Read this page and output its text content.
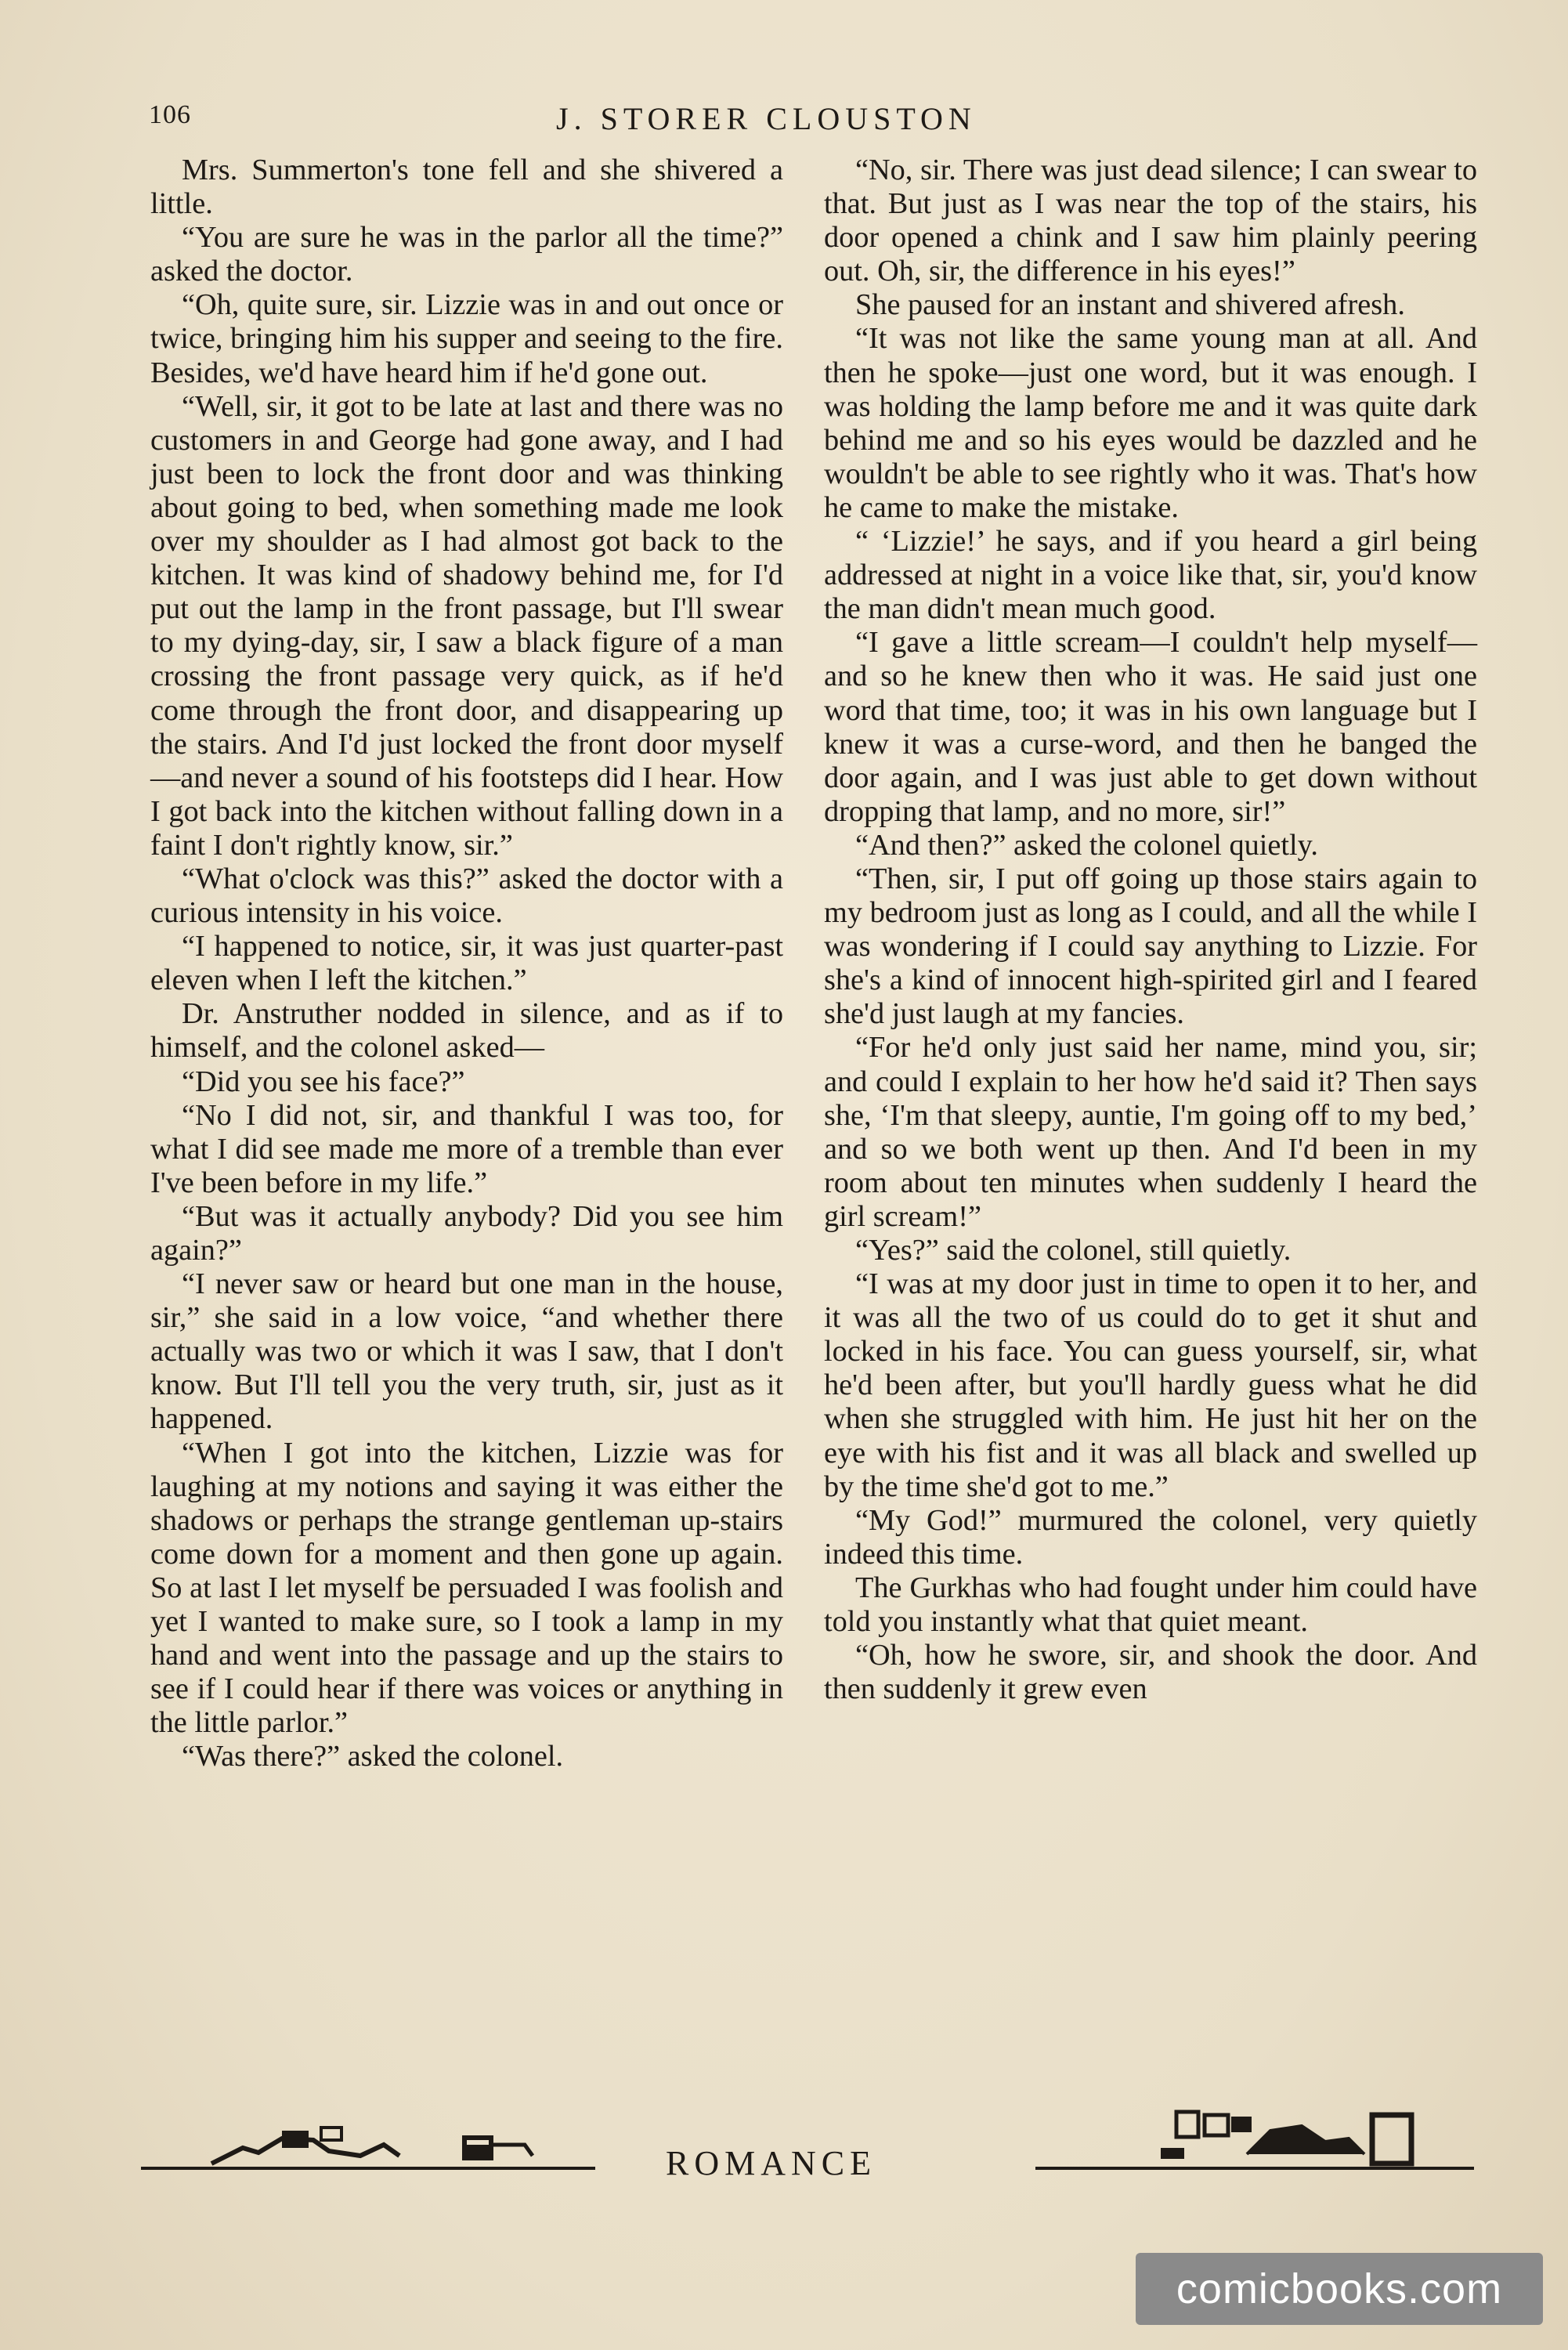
106	J. STORER CLOUSTON

Mrs. Summerton's tone fell and she shivered a little.

“You are sure he was in the parlor all the time?” asked the doctor.

“Oh, quite sure, sir. Lizzie was in and out once or twice, bringing him his supper and seeing to the fire. Besides, we'd have heard him if he'd gone out.

“Well, sir, it got to be late at last and there was no customers in and George had gone away, and I had just been to lock the front door and was thinking about going to bed, when something made me look over my shoulder as I had almost got back to the kitchen. It was kind of shadowy behind me, for I'd put out the lamp in the front passage, but I'll swear to my dying-day, sir, I saw a black figure of a man crossing the front passage very quick, as if he'd come through the front door, and disappearing up the stairs. And I'd just locked the front door myself—and never a sound of his footsteps did I hear. How I got back into the kitchen without falling down in a faint I don't rightly know, sir.”

“What o'clock was this?” asked the doctor with a curious intensity in his voice.

“I happened to notice, sir, it was just quarter-past eleven when I left the kitchen.”

Dr. Anstruther nodded in silence, and as if to himself, and the colonel asked—

“Did you see his face?”

“No I did not, sir, and thankful I was too, for what I did see made me more of a tremble than ever I've been before in my life.”

“But was it actually anybody? Did you see him again?”

“I never saw or heard but one man in the house, sir,” she said in a low voice, “and whether there actually was two or which it was I saw, that I don't know. But I'll tell you the very truth, sir, just as it happened.

“When I got into the kitchen, Lizzie was for laughing at my notions and saying it was either the shadows or perhaps the strange gentleman up-stairs come down for a moment and then gone up again. So at last I let myself be persuaded I was foolish and yet I wanted to make sure, so I took a lamp in my hand and went into the passage and up the stairs to see if I could hear if there was voices or anything in the little parlor.”

“Was there?” asked the colonel.

“No, sir. There was just dead silence; I can swear to that. But just as I was near the top of the stairs, his door opened a chink and I saw him plainly peering out. Oh, sir, the difference in his eyes!”

She paused for an instant and shivered afresh.

“It was not like the same young man at all. And then he spoke—just one word, but it was enough. I was holding the lamp before me and it was quite dark behind me and so his eyes would be dazzled and he wouldn't be able to see rightly who it was. That's how he came to make the mistake.

“ ‘Lizzie!’ he says, and if you heard a girl being addressed at night in a voice like that, sir, you'd know the man didn't mean much good.

“I gave a little scream—I couldn't help myself—and so he knew then who it was. He said just one word that time, too; it was in his own language but I knew it was a curse-word, and then he banged the door again, and I was just able to get down without dropping that lamp, and no more, sir!”

“And then?” asked the colonel quietly.

“Then, sir, I put off going up those stairs again to my bedroom just as long as I could, and all the while I was wondering if I could say anything to Lizzie. For she's a kind of innocent high-spirited girl and I feared she'd just laugh at my fancies.

“For he'd only just said her name, mind you, sir; and could I explain to her how he'd said it? Then says she, ‘I'm that sleepy, auntie, I'm going off to my bed,’ and so we both went up then. And I'd been in my room about ten minutes when suddenly I heard the girl scream!”

“Yes?” said the colonel, still quietly.

“I was at my door just in time to open it to her, and it was all the two of us could do to get it shut and locked in his face. You can guess yourself, sir, what he'd been after, but you'll hardly guess what he did when she struggled with him. He just hit her on the eye with his fist and it was all black and swelled up by the time she'd got to me.”

“My God!” murmured the colonel, very quietly indeed this time.

The Gurkhas who had fought under him could have told you instantly what that quiet meant.

“Oh, how he swore, sir, and shook the door. And then suddenly it grew even

ROMANCE
comicbooks.com
